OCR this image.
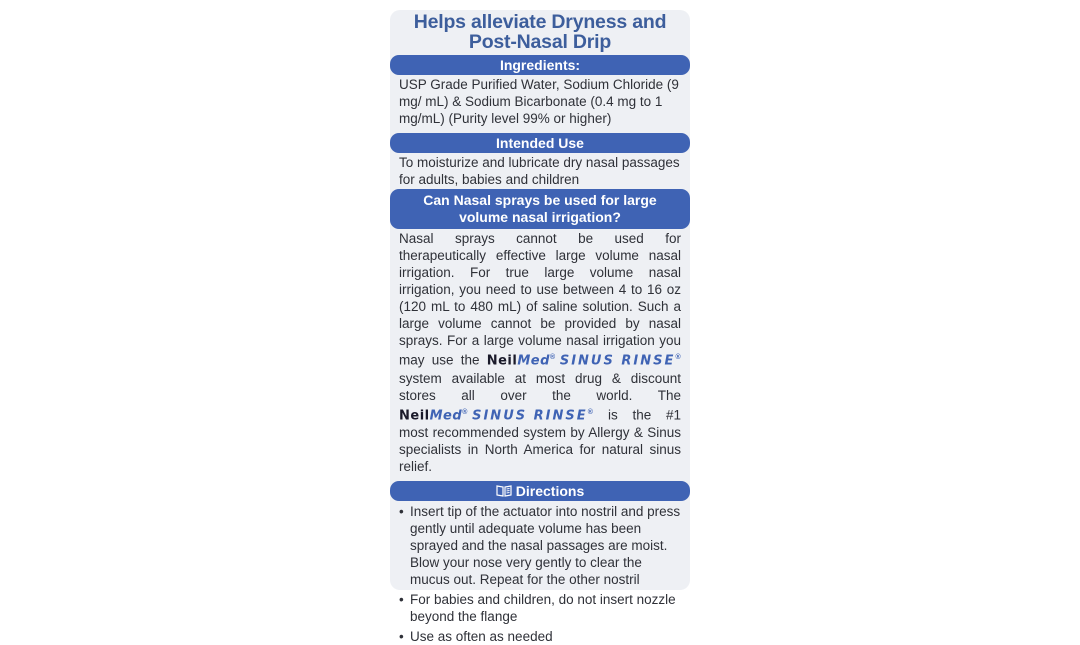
Helps alleviate Dryness and
Post-Nasal Drip
Ingredients:
USP Grade Purified Water, Sodium Chloride (9 mg/ mL) & Sodium Bicarbonate (0.4 mg to 1 mg/mL) (Purity level 99% or higher)
Intended Use
To moisturize and lubricate dry nasal passages for adults, babies and children
Can Nasal sprays be used for large
volume nasal irrigation?
Nasal sprays cannot be used for therapeutically effective large volume nasal irrigation. For true large volume nasal irrigation, you need to use between 4 to 16 oz (120 mL to 480 mL) of saline solution. Such a large volume cannot be provided by nasal sprays. For a large volume nasal irrigation you may use the NeilMed® SINUS RINSE® system available at most drug & discount stores all over the world. The NeilMed® SINUS RINSE® is the #1 most recommended system by Allergy & Sinus specialists in North America for natural sinus relief.
Directions
• Insert tip of the actuator into nostril and press gently until adequate volume has been sprayed and the nasal passages are moist. Blow your nose very gently to clear the mucus out. Repeat for the other nostril
• For babies and children, do not insert nozzle beyond the flange
• Use as often as needed
